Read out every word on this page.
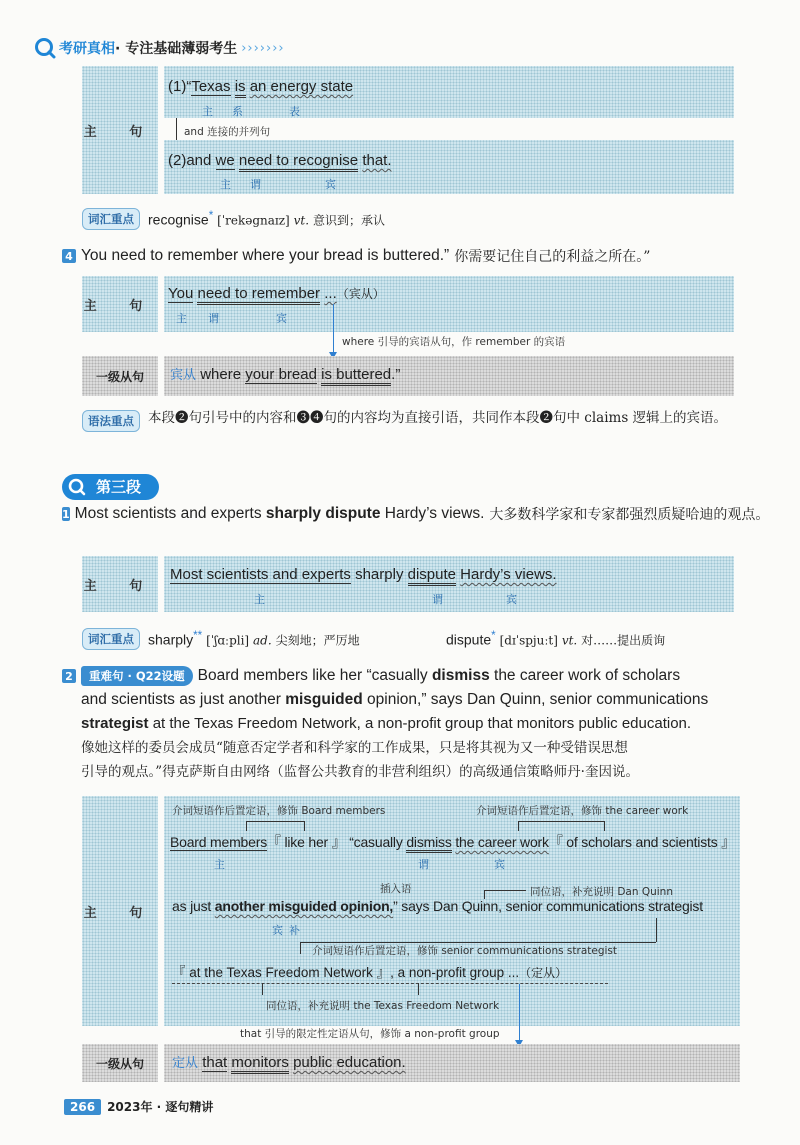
考研真相 · 专注基础薄弱考生 ›››››››
主 句
(1)“Texas is an energy state
主 系	表
and 连接的并列句
(2)and we need to recognise that.
主 谓	宾
词汇重点	recognise* [ˈrekəgnaɪz] vt. 意识到；承认
4 You need to remember where your bread is buttered.” 你需要记住自己的利益之所在。”
主 句
You need to remember ...（宾从）
主 谓	宾
where 引导的宾语从句，作 remember 的宾语
一级从句	宾从 where your bread is buttered.”
语法重点	本段❷句引号中的内容和❸❹句的内容均为直接引语，共同作本段❷句中 claims 逻辑上的宾语。
第三段
1 Most scientists and experts sharply dispute Hardy’s views. 大多数科学家和专家都强烈质疑哈迪的观点。
主 句
Most scientists and experts sharply dispute Hardy’s views.
主	谓	宾
词汇重点	sharply** [ˈʃɑːpli] ad. 尖刻地；严厉地	dispute* [dɪˈspjuːt] vt. 对……提出质询
2	重难句 · Q22设题 Board members like her “casually dismiss the career work of scholars
and scientists as just another misguided opinion,” says Dan Quinn, senior communications
strategist at the Texas Freedom Network, a non-profit group that monitors public education.
像她这样的委员会成员“随意否定学者和科学家的工作成果，只是将其视为又一种受错误思想
引导的观点。”得克萨斯自由网络（监督公共教育的非营利组织）的高级通信策略师丹·奎因说。
主 句
介词短语作后置定语，修饰 Board members	介词短语作后置定语，修饰 the career work
Board members『 like her 』 “casually dismiss the career work『 of scholars and scientists 』
主	谓	宾
插入语	同位语，补充说明 Dan Quinn
as just another misguided opinion,” says Dan Quinn, senior communications strategist
宾补
介词短语作后置定语，修饰 senior communications strategist
『 at the Texas Freedom Network 』, a non-profit group ...（定从）
同位语，补充说明 the Texas Freedom Network
that 引导的限定性定语从句，修饰 a non-profit group
一级从句	定从 that monitors public education.
266	2023年 · 逐句精讲
